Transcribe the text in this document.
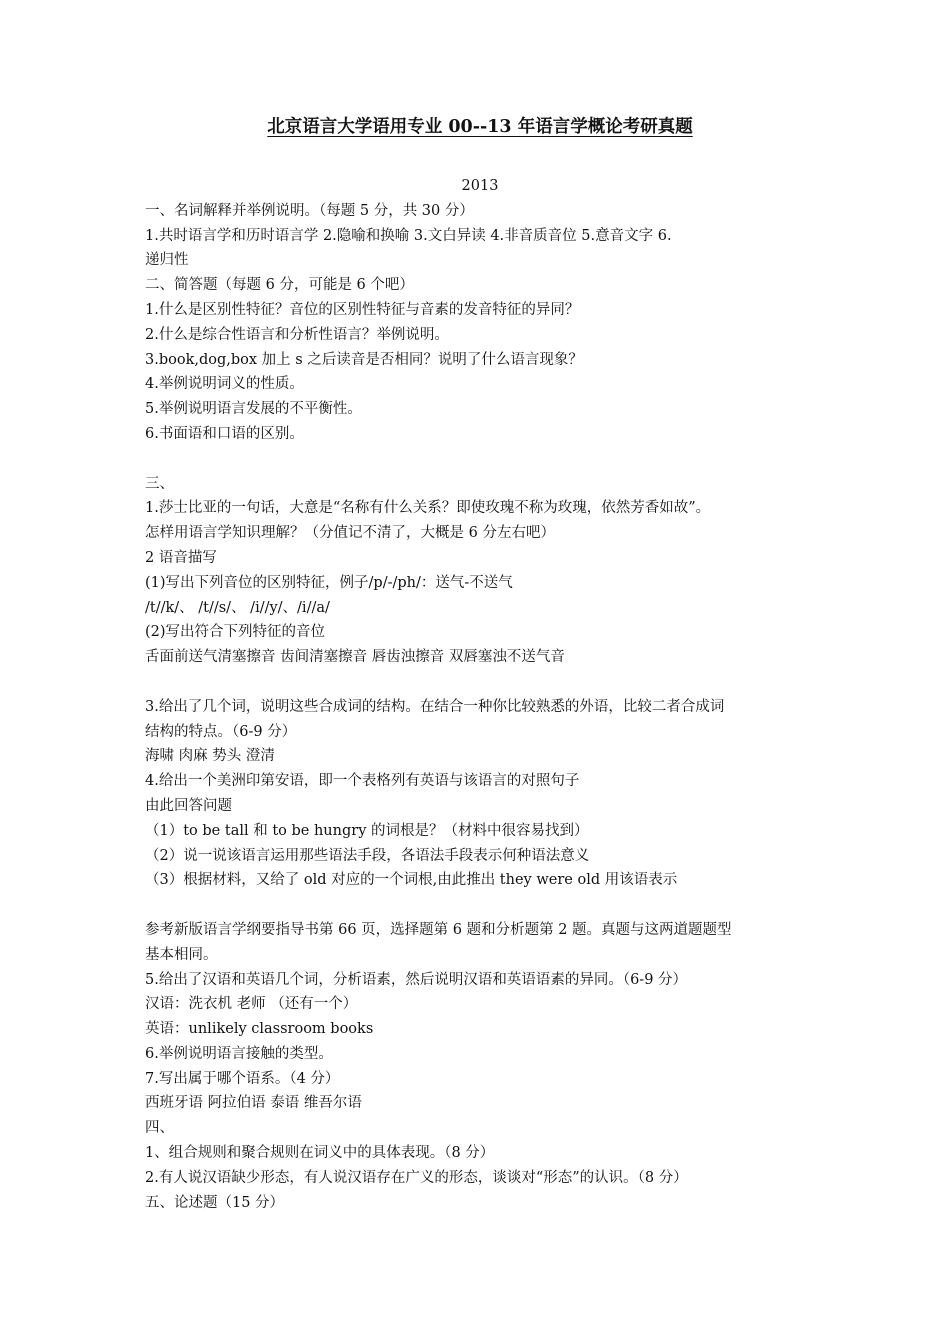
北京语言大学语用专业 00--13 年语言学概论考研真题
2013
一、名词解释并举例说明。（每题 5 分，共 30 分）
1.共时语言学和历时语言学 2.隐喻和换喻 3.文白异读 4.非音质音位 5.意音文字 6.
递归性
二、简答题（每题 6 分，可能是 6 个吧）
1.什么是区别性特征？音位的区别性特征与音素的发音特征的异同？
2.什么是综合性语言和分析性语言？举例说明。
3.book,dog,box 加上 s 之后读音是否相同？说明了什么语言现象？
4.举例说明词义的性质。
5.举例说明语言发展的不平衡性。
6.书面语和口语的区别。
三、
1.莎士比亚的一句话，大意是“名称有什么关系？即使玫瑰不称为玫瑰，依然芳香如故”。
怎样用语言学知识理解？（分值记不清了，大概是 6 分左右吧）
2 语音描写
(1)写出下列音位的区别特征，例子/p/-/ph/：送气-不送气
/t//k/、 /t//s/、 /i//y/、/i//a/
(2)写出符合下列特征的音位
舌面前送气清塞擦音 齿间清塞擦音 唇齿浊擦音 双唇塞浊不送气音
3.给出了几个词，说明这些合成词的结构。在结合一种你比较熟悉的外语，比较二者合成词
结构的特点。（6-9 分）
海啸 肉麻 势头 澄清
4.给出一个美洲印第安语，即一个表格列有英语与该语言的对照句子
由此回答问题
（1）to be tall 和 to be hungry 的词根是？（材料中很容易找到）
（2）说一说该语言运用那些语法手段，各语法手段表示何种语法意义
（3）根据材料，又给了 old 对应的一个词根,由此推出 they were old 用该语表示
参考新版语言学纲要指导书第 66 页，选择题第 6 题和分析题第 2 题。真题与这两道题题型
基本相同。
5.给出了汉语和英语几个词，分析语素，然后说明汉语和英语语素的异同。（6-9 分）
汉语：洗衣机 老师 （还有一个）
英语：unlikely classroom books
6.举例说明语言接触的类型。
7.写出属于哪个语系。（4 分）
西班牙语 阿拉伯语 泰语 维吾尔语
四、
1、组合规则和聚合规则在词义中的具体表现。（8 分）
2.有人说汉语缺少形态，有人说汉语存在广义的形态，谈谈对“形态”的认识。（8 分）
五、论述题（15 分）
